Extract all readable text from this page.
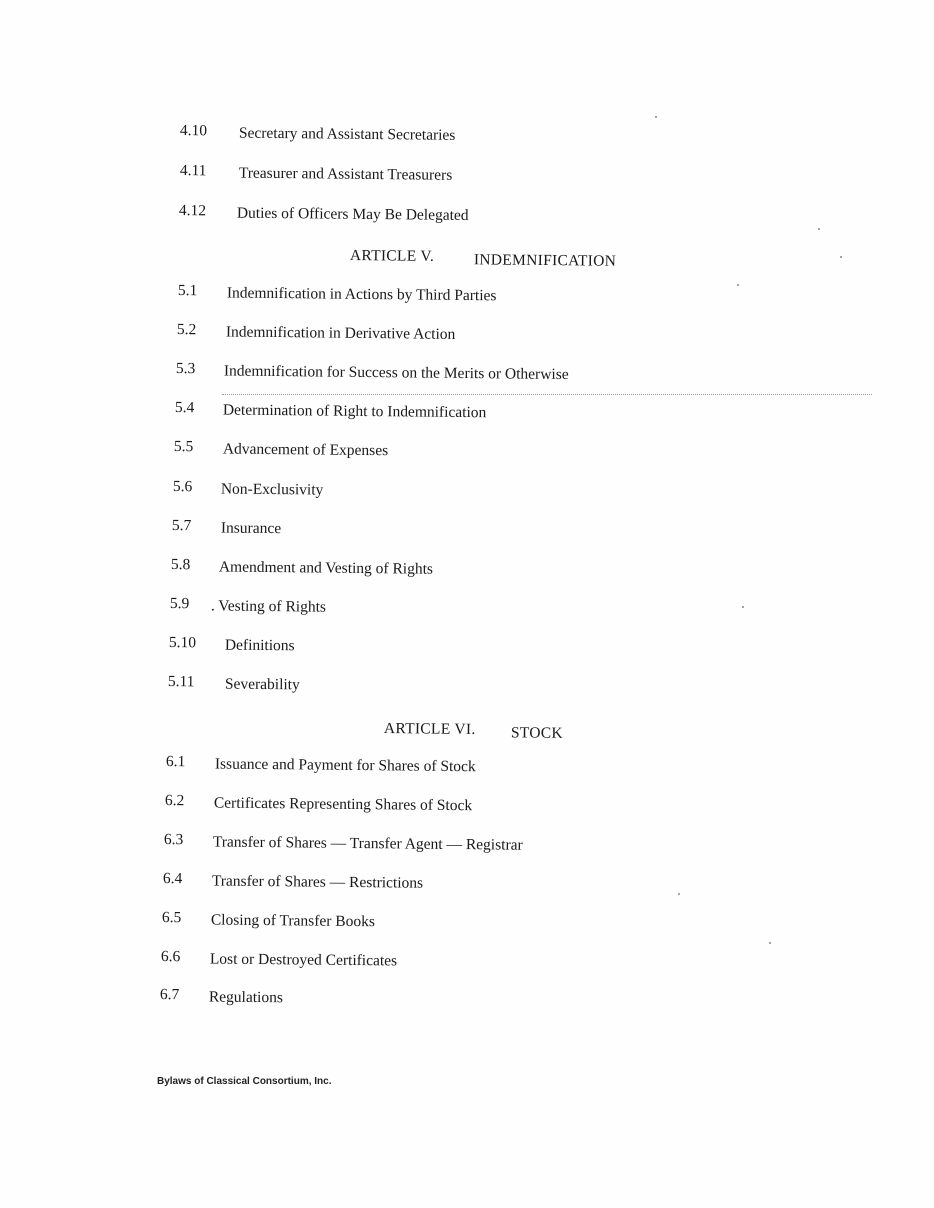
4.10 Secretary and Assistant Secretaries
4.11 Treasurer and Assistant Treasurers
4.12 Duties of Officers May Be Delegated
ARTICLE V.	INDEMNIFICATION
5.1 Indemnification in Actions by Third Parties
5.2 Indemnification in Derivative Action
5.3 Indemnification for Success on the Merits or Otherwise
5.4 Determination of Right to Indemnification
5.5 Advancement of Expenses
5.6 Non-Exclusivity
5.7 Insurance
5.8 Amendment and Vesting of Rights
5.9 . Vesting of Rights
5.10 Definitions
5.11 Severability
ARTICLE VI. STOCK
6.1 Issuance and Payment for Shares of Stock
6.2 Certificates Representing Shares of Stock
6.3 Transfer of Shares — Transfer Agent — Registrar
6.4 Transfer of Shares — Restrictions
6.5 Closing of Transfer Books
6.6 Lost or Destroyed Certificates
6.7 Regulations
Bylaws of Classical Consortium, Inc.
